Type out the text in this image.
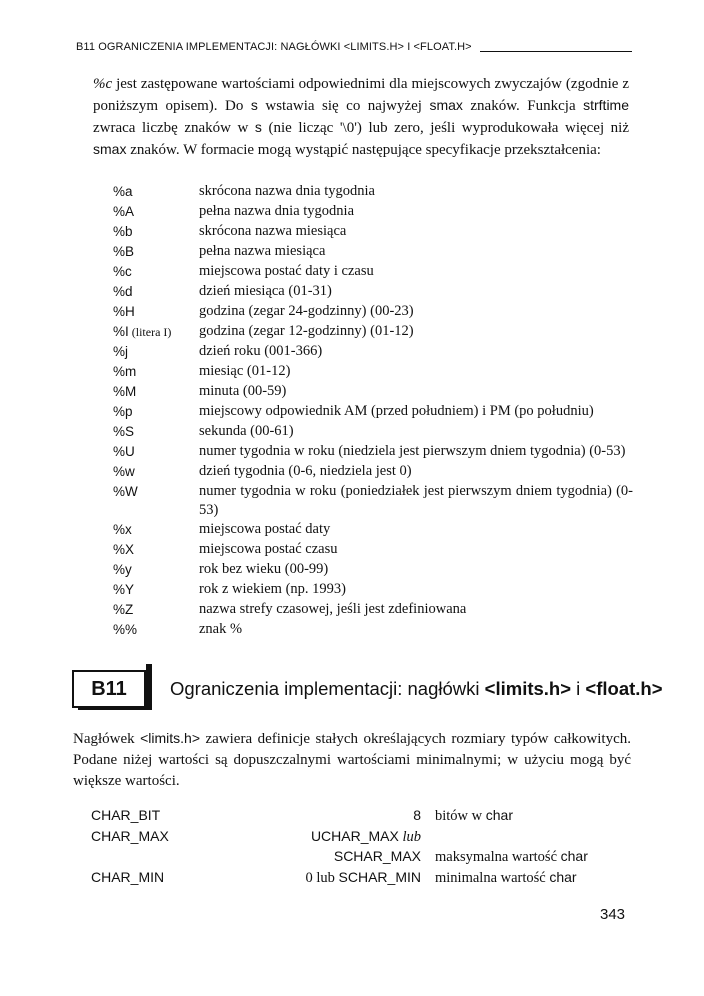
B11 OGRANICZENIA IMPLEMENTACJI: NAGŁÓWKI <LIMITS.H> I <FLOAT.H>

%c jest zastępowane wartościami odpowiednimi dla miejscowych zwyczajów (zgodnie z poniższym opisem). Do s wstawia się co najwyżej smax znaków. Funkcja strftime zwraca liczbę znaków w s (nie licząc '\0') lub zero, jeśli wyprodukowała więcej niż smax znaków. W formacie mogą wystąpić następujące specyfikacje przekształcenia:

%a	skrócona nazwa dnia tygodnia
%A	pełna nazwa dnia tygodnia
%b	skrócona nazwa miesiąca
%B	pełna nazwa miesiąca
%c	miejscowa postać daty i czasu
%d	dzień miesiąca (01-31)
%H	godzina (zegar 24-godzinny) (00-23)
%I (litera I)	godzina (zegar 12-godzinny) (01-12)
%j	dzień roku (001-366)
%m	miesiąc (01-12)
%M	minuta (00-59)
%p	miejscowy odpowiednik AM (przed południem) i PM (po południu)
%S	sekunda (00-61)
%U	numer tygodnia w roku (niedziela jest pierwszym dniem tygodnia) (0-53)
%w	dzień tygodnia (0-6, niedziela jest 0)
%W	numer tygodnia w roku (poniedziałek jest pierwszym dniem tygodnia) (0-53)
%x	miejscowa postać daty
%X	miejscowa postać czasu
%y	rok bez wieku (00-99)
%Y	rok z wiekiem (np. 1993)
%Z	nazwa strefy czasowej, jeśli jest zdefiniowana
%%	znak %
B11	Ograniczenia implementacji: nagłówki <limits.h> i <float.h>

Nagłówek <limits.h> zawiera definicje stałych określających rozmiary typów całkowitych. Podane niżej wartości są dopuszczalnymi wartościami minimalnymi; w użyciu mogą być większe wartości.

CHAR_BIT	8	bitów w char
CHAR_MAX	UCHAR_MAX lub	
	SCHAR_MAX	maksymalna wartość char
CHAR_MIN	0 lub SCHAR_MIN	minimalna wartość char
343
